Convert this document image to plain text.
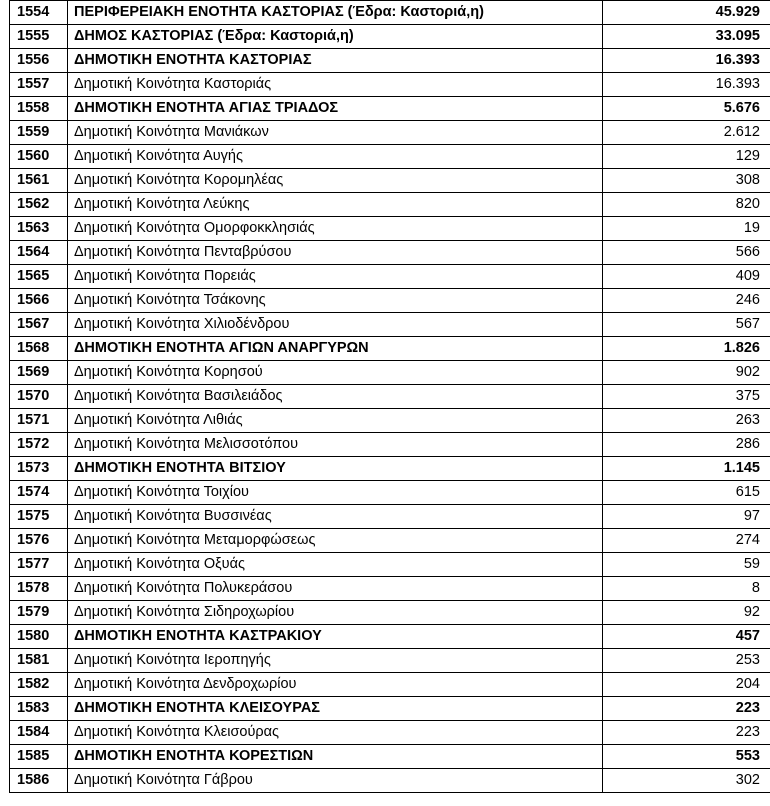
1554	ΠΕΡΙΦΕΡΕΙΑΚΗ ΕΝΟΤΗΤΑ ΚΑΣΤΟΡΙΑΣ (Έδρα: Καστοριά,η)	45.929
1555	ΔΗΜΟΣ ΚΑΣΤΟΡΙΑΣ (Έδρα: Καστοριά,η)	33.095
1556	ΔΗΜΟΤΙΚΗ ΕΝΟΤΗΤΑ ΚΑΣΤΟΡΙΑΣ	16.393
1557	Δημοτική Κοινότητα Καστοριάς	16.393
1558	ΔΗΜΟΤΙΚΗ ΕΝΟΤΗΤΑ ΑΓΙΑΣ ΤΡΙΑΔΟΣ	5.676
1559	Δημοτική Κοινότητα Μανιάκων	2.612
1560	Δημοτική Κοινότητα Αυγής	129
1561	Δημοτική Κοινότητα Κορομηλέας	308
1562	Δημοτική Κοινότητα Λεύκης	820
1563	Δημοτική Κοινότητα Ομορφοκκλησιάς	19
1564	Δημοτική Κοινότητα Πενταβρύσου	566
1565	Δημοτική Κοινότητα Πορειάς	409
1566	Δημοτική Κοινότητα Τσάκονης	246
1567	Δημοτική Κοινότητα Χιλιοδένδρου	567
1568	ΔΗΜΟΤΙΚΗ ΕΝΟΤΗΤΑ ΑΓΙΩΝ ΑΝΑΡΓΥΡΩΝ	1.826
1569	Δημοτική Κοινότητα Κορησού	902
1570	Δημοτική Κοινότητα Βασιλειάδος	375
1571	Δημοτική Κοινότητα Λιθιάς	263
1572	Δημοτική Κοινότητα Μελισσοτόπου	286
1573	ΔΗΜΟΤΙΚΗ ΕΝΟΤΗΤΑ ΒΙΤΣΙΟΥ	1.145
1574	Δημοτική Κοινότητα Τοιχίου	615
1575	Δημοτική Κοινότητα Βυσσινέας	97
1576	Δημοτική Κοινότητα Μεταμορφώσεως	274
1577	Δημοτική Κοινότητα Οξυάς	59
1578	Δημοτική Κοινότητα Πολυκεράσου	8
1579	Δημοτική Κοινότητα Σιδηροχωρίου	92
1580	ΔΗΜΟΤΙΚΗ ΕΝΟΤΗΤΑ ΚΑΣΤΡΑΚΙΟΥ	457
1581	Δημοτική Κοινότητα Ιεροπηγής	253
1582	Δημοτική Κοινότητα Δενδροχωρίου	204
1583	ΔΗΜΟΤΙΚΗ ΕΝΟΤΗΤΑ ΚΛΕΙΣΟΥΡΑΣ	223
1584	Δημοτική Κοινότητα Κλεισούρας	223
1585	ΔΗΜΟΤΙΚΗ ΕΝΟΤΗΤΑ ΚΟΡΕΣΤΙΩΝ	553
1586	Δημοτική Κοινότητα Γάβρου	302
